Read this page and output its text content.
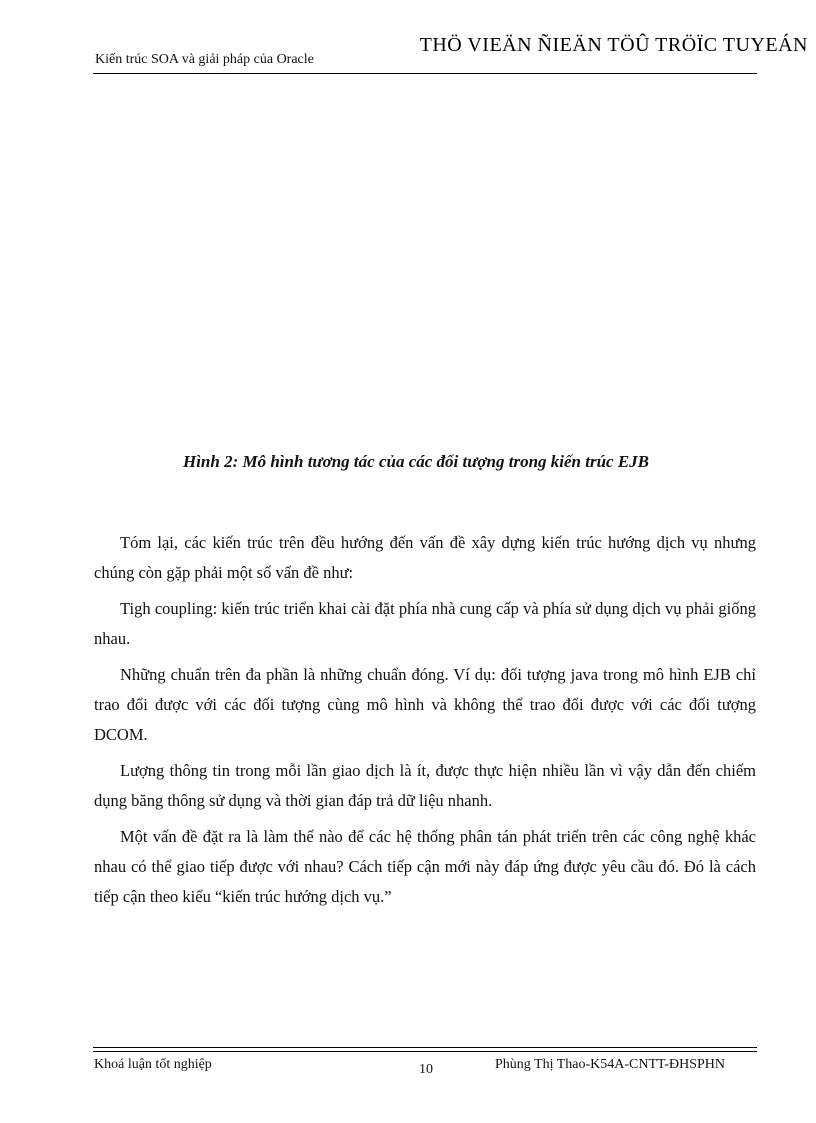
THÖ VIEÄN ÑIEÄN TÖÛ TRÖÏC TUYEÁN
Kiến trúc SOA và giải pháp của Oracle
Hình 2: Mô hình tương tác của các đối tượng trong kiến trúc EJB

Tóm lại, các kiến trúc trên đều hướng đến vấn đề xây dựng kiến trúc hướng dịch vụ nhưng chúng còn gặp phải một số vấn đề như:

Tigh coupling: kiến trúc triển khai cài đặt phía nhà cung cấp và phía sử dụng dịch vụ phải giống nhau.

Những chuẩn trên đa phần là những chuẩn đóng. Ví dụ: đối tượng java trong mô hình EJB chỉ trao đổi được với các đối tượng cùng mô hình và không thể trao đổi được với các đối tượng DCOM.

Lượng thông tin trong mỗi lần giao dịch là ít, được thực hiện nhiều lần vì vậy dẫn đến chiếm dụng băng thông sử dụng và thời gian đáp trả dữ liệu nhanh.

Một vấn đề đặt ra là làm thế nào để các hệ thống phân tán phát triển trên các công nghệ khác nhau có thể giao tiếp được với nhau? Cách tiếp cận mới này đáp ứng được yêu cầu đó. Đó là cách tiếp cận theo kiểu “kiến trúc hướng dịch vụ.”

Khoá luận tốt nghiệp	10	Phùng Thị Thao-K54A-CNTT-ĐHSPHN
